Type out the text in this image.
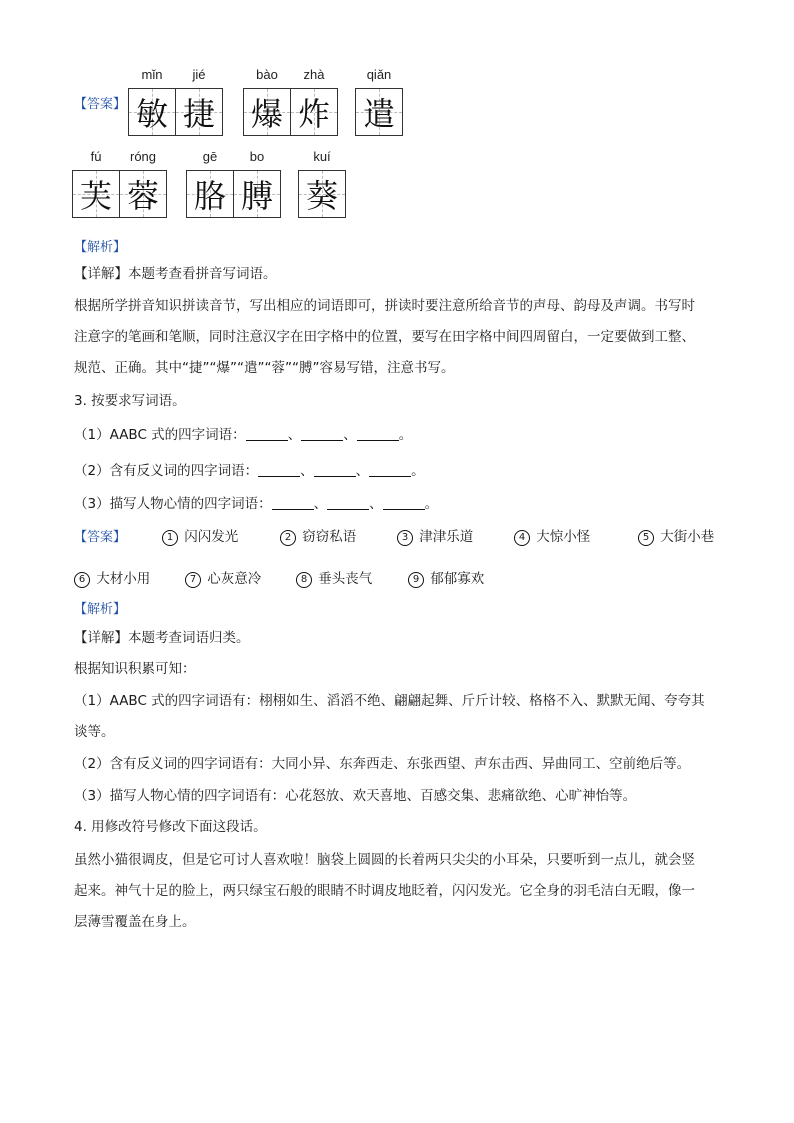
【答案】
mǐn
敏
jié
捷
bào
爆
zhà
炸
qiǎn
遣
fú
芙
róng
蓉
gē
胳
bo
膊
kuí
葵
【解析】
【详解】本题考查看拼音写词语。
根据所学拼音知识拼读音节，写出相应的词语即可，拼读时要注意所给音节的声母、韵母及声调。书写时
注意字的笔画和笔顺，同时注意汉字在田字格中的位置，要写在田字格中间四周留白，一定要做到工整、
规范、正确。其中“捷”“爆”“遣”“蓉”“膊”容易写错，注意书写。
3. 按要求写词语。
（1）AABC 式的四字词语：	、	、	。
（2）含有反义词的四字词语：	、	、	。
（3）描写人物心情的四字词语：	、	、	。
【答案】	1 闪闪发光	2 窃窃私语	3 津津乐道	4 大惊小怪	5 大街小巷
6 大材小用	7 心灰意冷	8 垂头丧气	9 郁郁寡欢
【解析】
【详解】本题考查词语归类。
根据知识积累可知：
（1）AABC 式的四字词语有：栩栩如生、滔滔不绝、翩翩起舞、斤斤计较、格格不入、默默无闻、夸夸其
谈等。
（2）含有反义词的四字词语有：大同小异、东奔西走、东张西望、声东击西、异曲同工、空前绝后等。
（3）描写人物心情的四字词语有：心花怒放、欢天喜地、百感交集、悲痛欲绝、心旷神怡等。
4. 用修改符号修改下面这段话。
虽然小猫很调皮，但是它可讨人喜欢啦！脑袋上圆圆的长着两只尖尖的小耳朵，只要听到一点儿，就会竖
起来。神气十足的脸上，两只绿宝石般的眼睛不时调皮地眨着，闪闪发光。它全身的羽毛洁白无暇，像一
层薄雪覆盖在身上。
